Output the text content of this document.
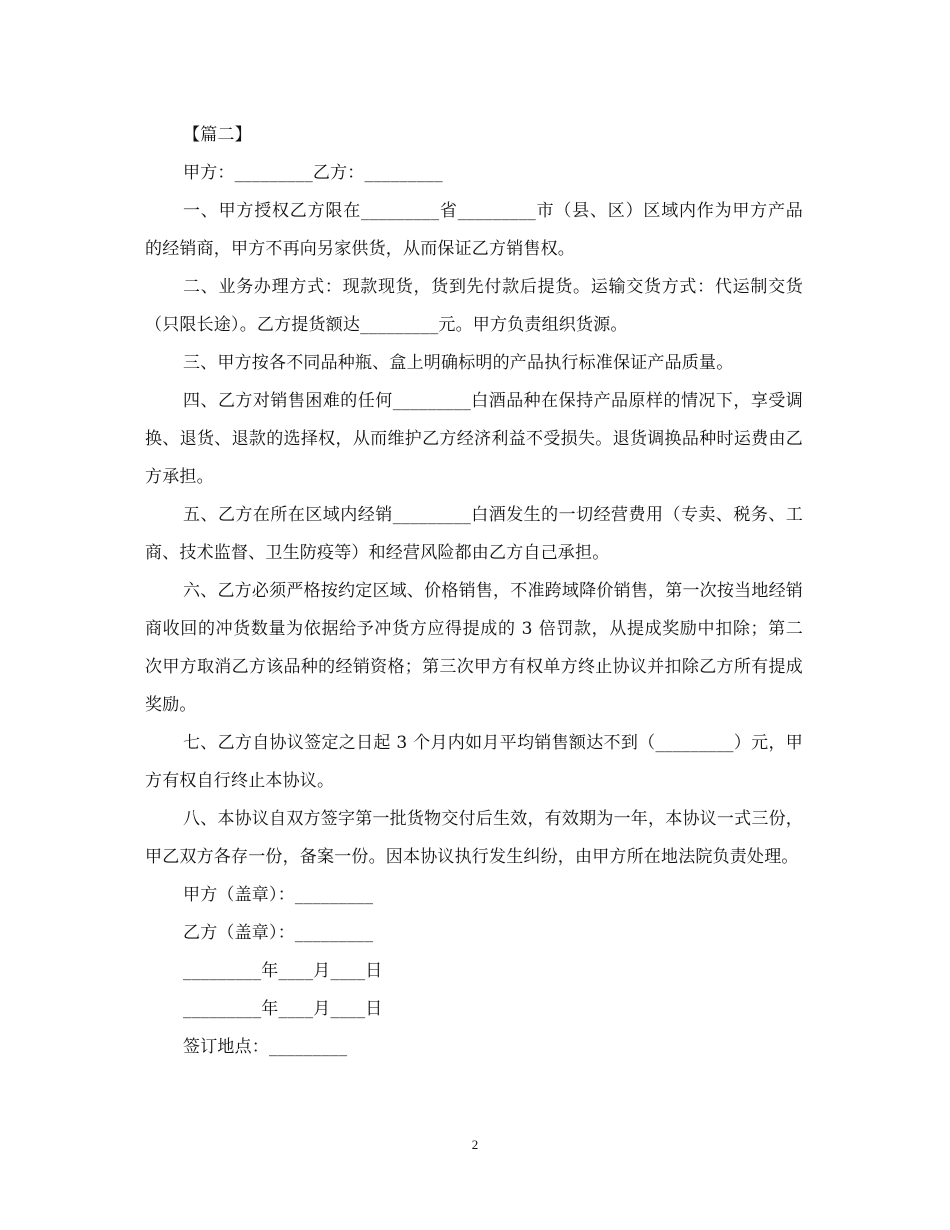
【篇二】

甲方：_________乙方：_________

一、甲方授权乙方限在_________省_________市（县、区）区域内作为甲方产品的经销商，甲方不再向另家供货，从而保证乙方销售权。

二、业务办理方式：现款现货，货到先付款后提货。运输交货方式：代运制交货（只限长途）。乙方提货额达_________元。甲方负责组织货源。

三、甲方按各不同品种瓶、盒上明确标明的产品执行标准保证产品质量。

四、乙方对销售困难的任何_________白酒品种在保持产品原样的情况下，享受调换、退货、退款的选择权，从而维护乙方经济利益不受损失。退货调换品种时运费由乙方承担。

五、乙方在所在区域内经销_________白酒发生的一切经营费用（专卖、税务、工商、技术监督、卫生防疫等）和经营风险都由乙方自己承担。

六、乙方必须严格按约定区域、价格销售，不准跨域降价销售，第一次按当地经销商收回的冲货数量为依据给予冲货方应得提成的 3 倍罚款，从提成奖励中扣除；第二次甲方取消乙方该品种的经销资格；第三次甲方有权单方终止协议并扣除乙方所有提成奖励。

七、乙方自协议签定之日起 3 个月内如月平均销售额达不到（_________）元，甲方有权自行终止本协议。

八、本协议自双方签字第一批货物交付后生效，有效期为一年，本协议一式三份，甲乙双方各存一份，备案一份。因本协议执行发生纠纷，由甲方所在地法院负责处理。

甲方（盖章）：_________

乙方（盖章）：_________

_________年____月____日

_________年____月____日

签订地点：_________

2
